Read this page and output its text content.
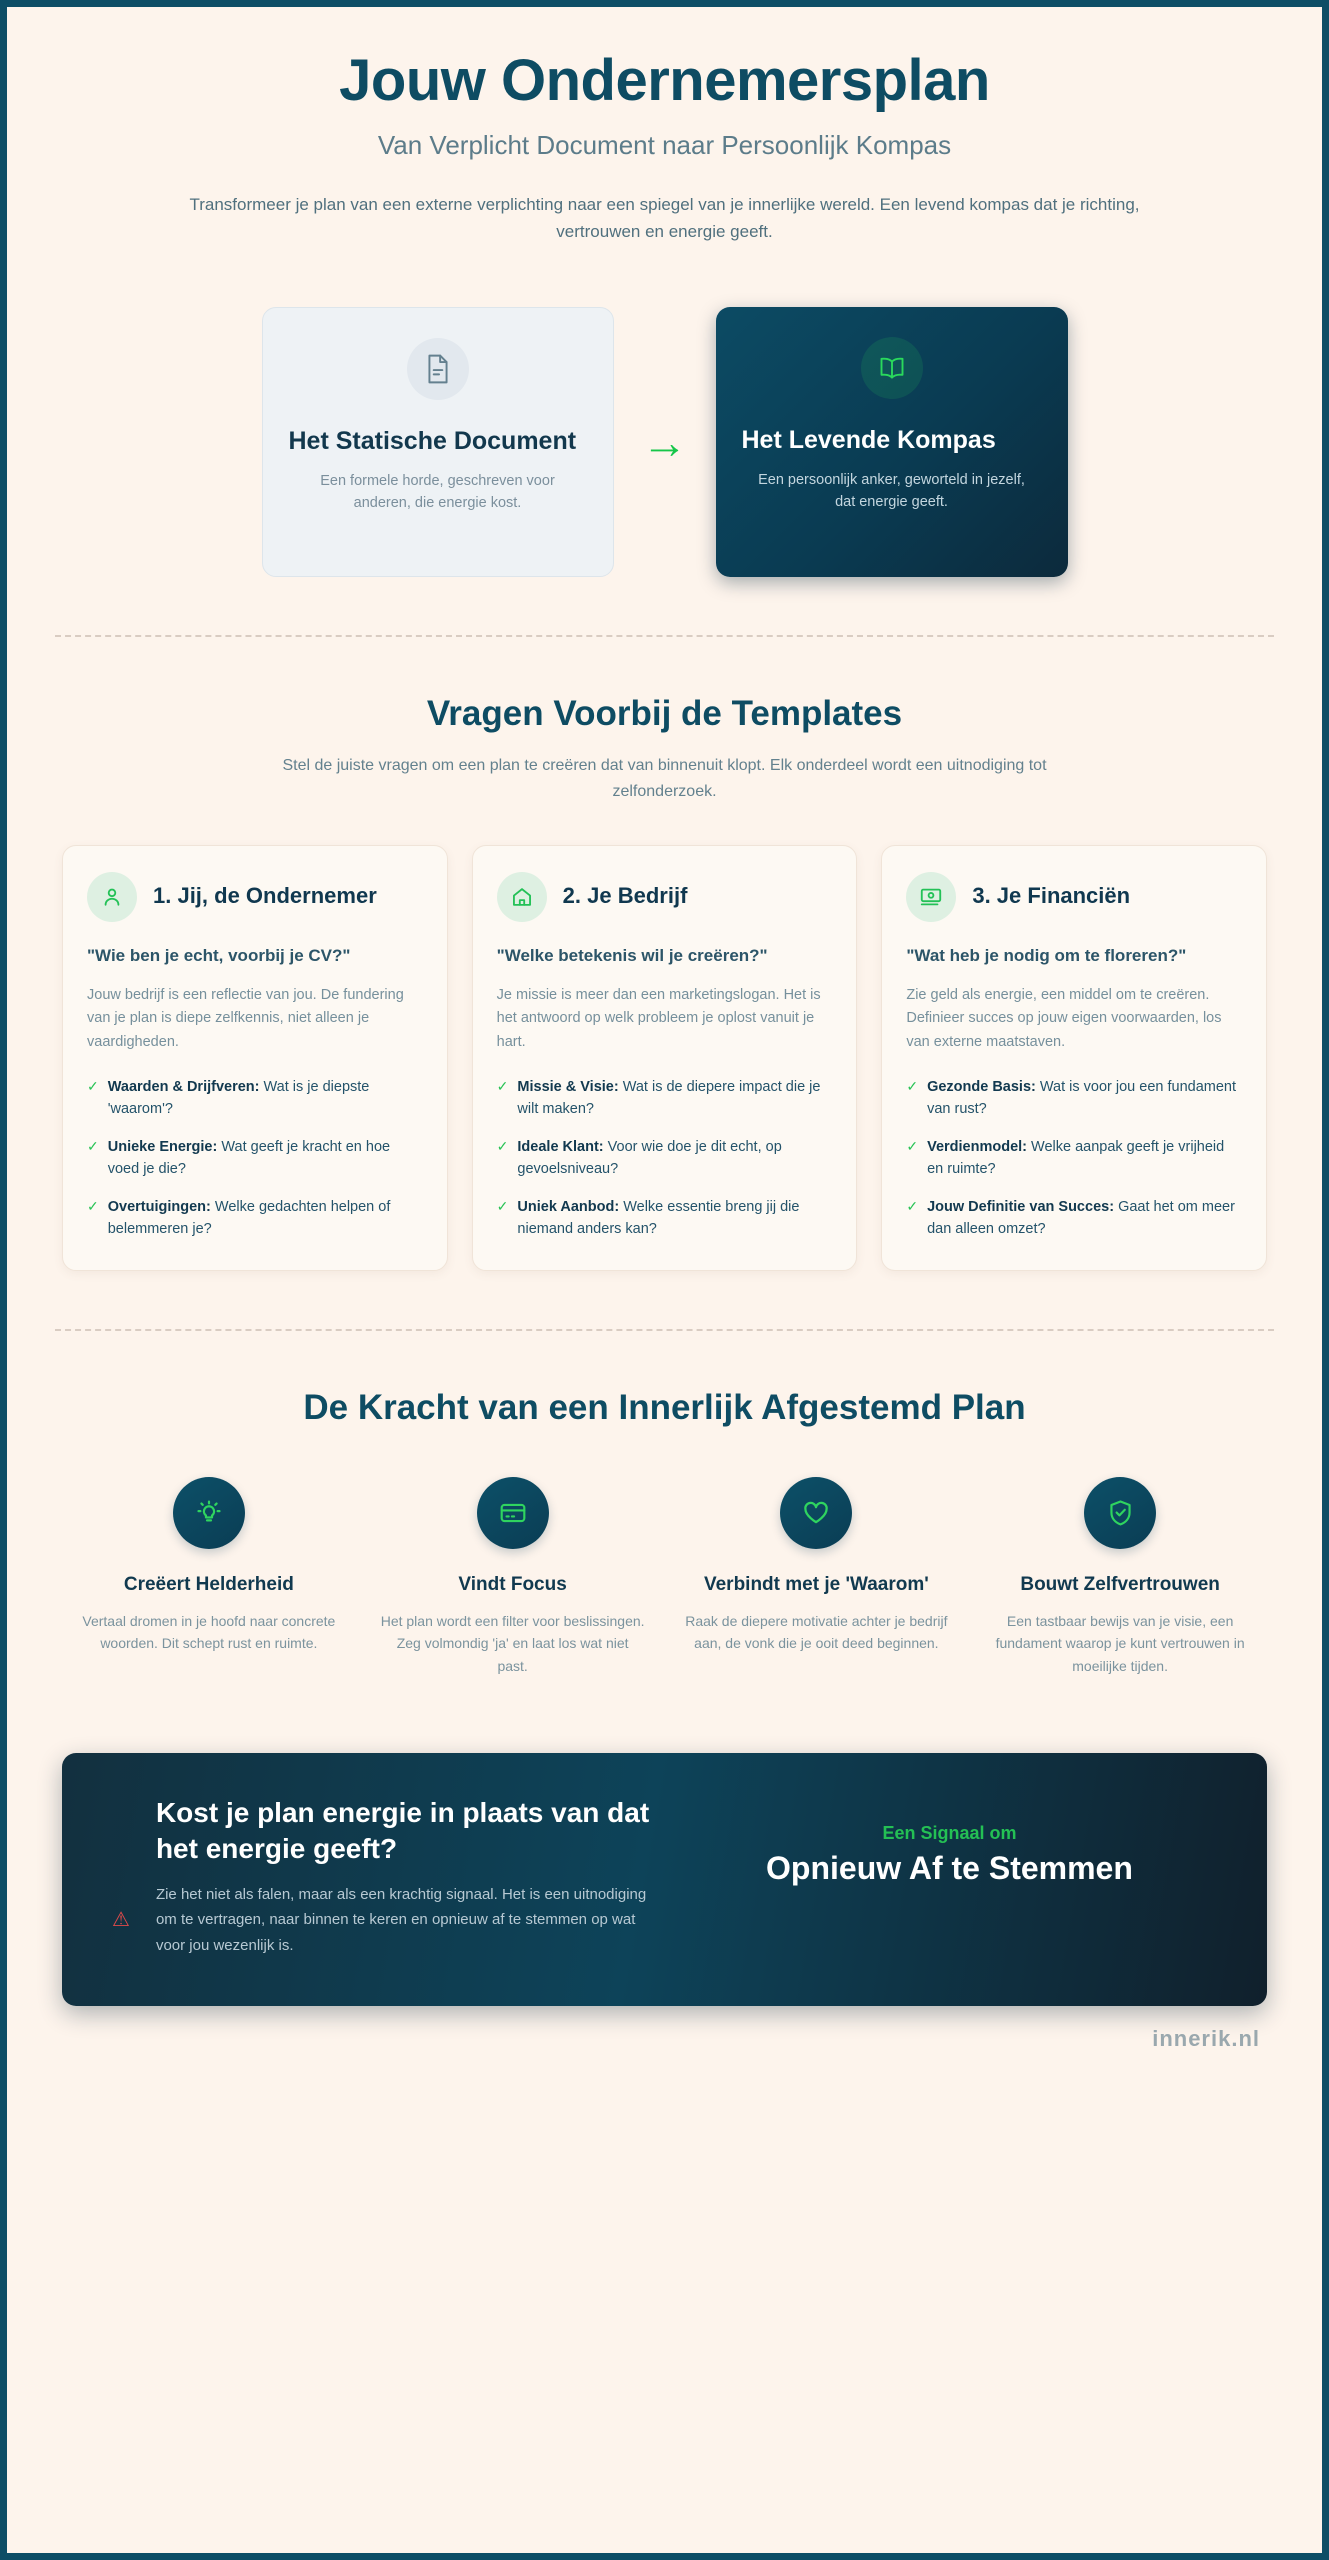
Jouw Ondernemersplan

Van Verplicht Document naar Persoonlijk Kompas

Transformeer je plan van een externe verplichting naar een spiegel van je innerlijke wereld. Een levend kompas dat je richting, vertrouwen en energie geeft.

Het Statische Document
Een formele horde, geschreven voor anderen, die energie kost.
→ Het Levende Kompas
Een persoonlijk anker, geworteld in jezelf, dat energie geeft.
Vragen Voorbij de Templates

Stel de juiste vragen om een plan te creëren dat van binnenuit klopt. Elk onderdeel wordt een uitnodiging tot zelfonderzoek.

1. Jij, de Ondernemer

"Wie ben je echt, voorbij je CV?"

Jouw bedrijf is een reflectie van jou. De fundering van je plan is diepe zelfkennis, niet alleen je vaardigheden.

✓ Waarden & Drijfveren: Wat is je diepste 'waarom'?
✓ Unieke Energie: Wat geeft je kracht en hoe voed je die?
✓ Overtuigingen: Welke gedachten helpen of belemmeren je?
2. Je Bedrijf

"Welke betekenis wil je creëren?"

Je missie is meer dan een marketingslogan. Het is het antwoord op welk probleem je oplost vanuit je hart.

✓ Missie & Visie: Wat is de diepere impact die je wilt maken?
✓ Ideale Klant: Voor wie doe je dit echt, op gevoelsniveau?
✓ Uniek Aanbod: Welke essentie breng jij die niemand anders kan?
3. Je Financiën

"Wat heb je nodig om te floreren?"

Zie geld als energie, een middel om te creëren. Definieer succes op jouw eigen voorwaarden, los van externe maatstaven.

✓ Gezonde Basis: Wat is voor jou een fundament van rust?
✓ Verdienmodel: Welke aanpak geeft je vrijheid en ruimte?
✓ Jouw Definitie van Succes: Gaat het om meer dan alleen omzet?
De Kracht van een Innerlijk Afgestemd Plan
Creëert Helderheid
Vertaal dromen in je hoofd naar concrete woorden. Dit schept rust en ruimte.
Vindt Focus
Het plan wordt een filter voor beslissingen. Zeg volmondig 'ja' en laat los wat niet past.
Verbindt met je 'Waarom'
Raak de diepere motivatie achter je bedrijf aan, de vonk die je ooit deed beginnen.
Bouwt Zelfvertrouwen
Een tastbaar bewijs van je visie, een fundament waarop je kunt vertrouwen in moeilijke tijden.
⚠
Kost je plan energie in plaats van dat het energie geeft?

Zie het niet als falen, maar als een krachtig signaal. Het is een uitnodiging om te vertragen, naar binnen te keren en opnieuw af te stemmen op wat voor jou wezenlijk is.

Een Signaal om
Opnieuw Af te Stemmen
innerik.nl
